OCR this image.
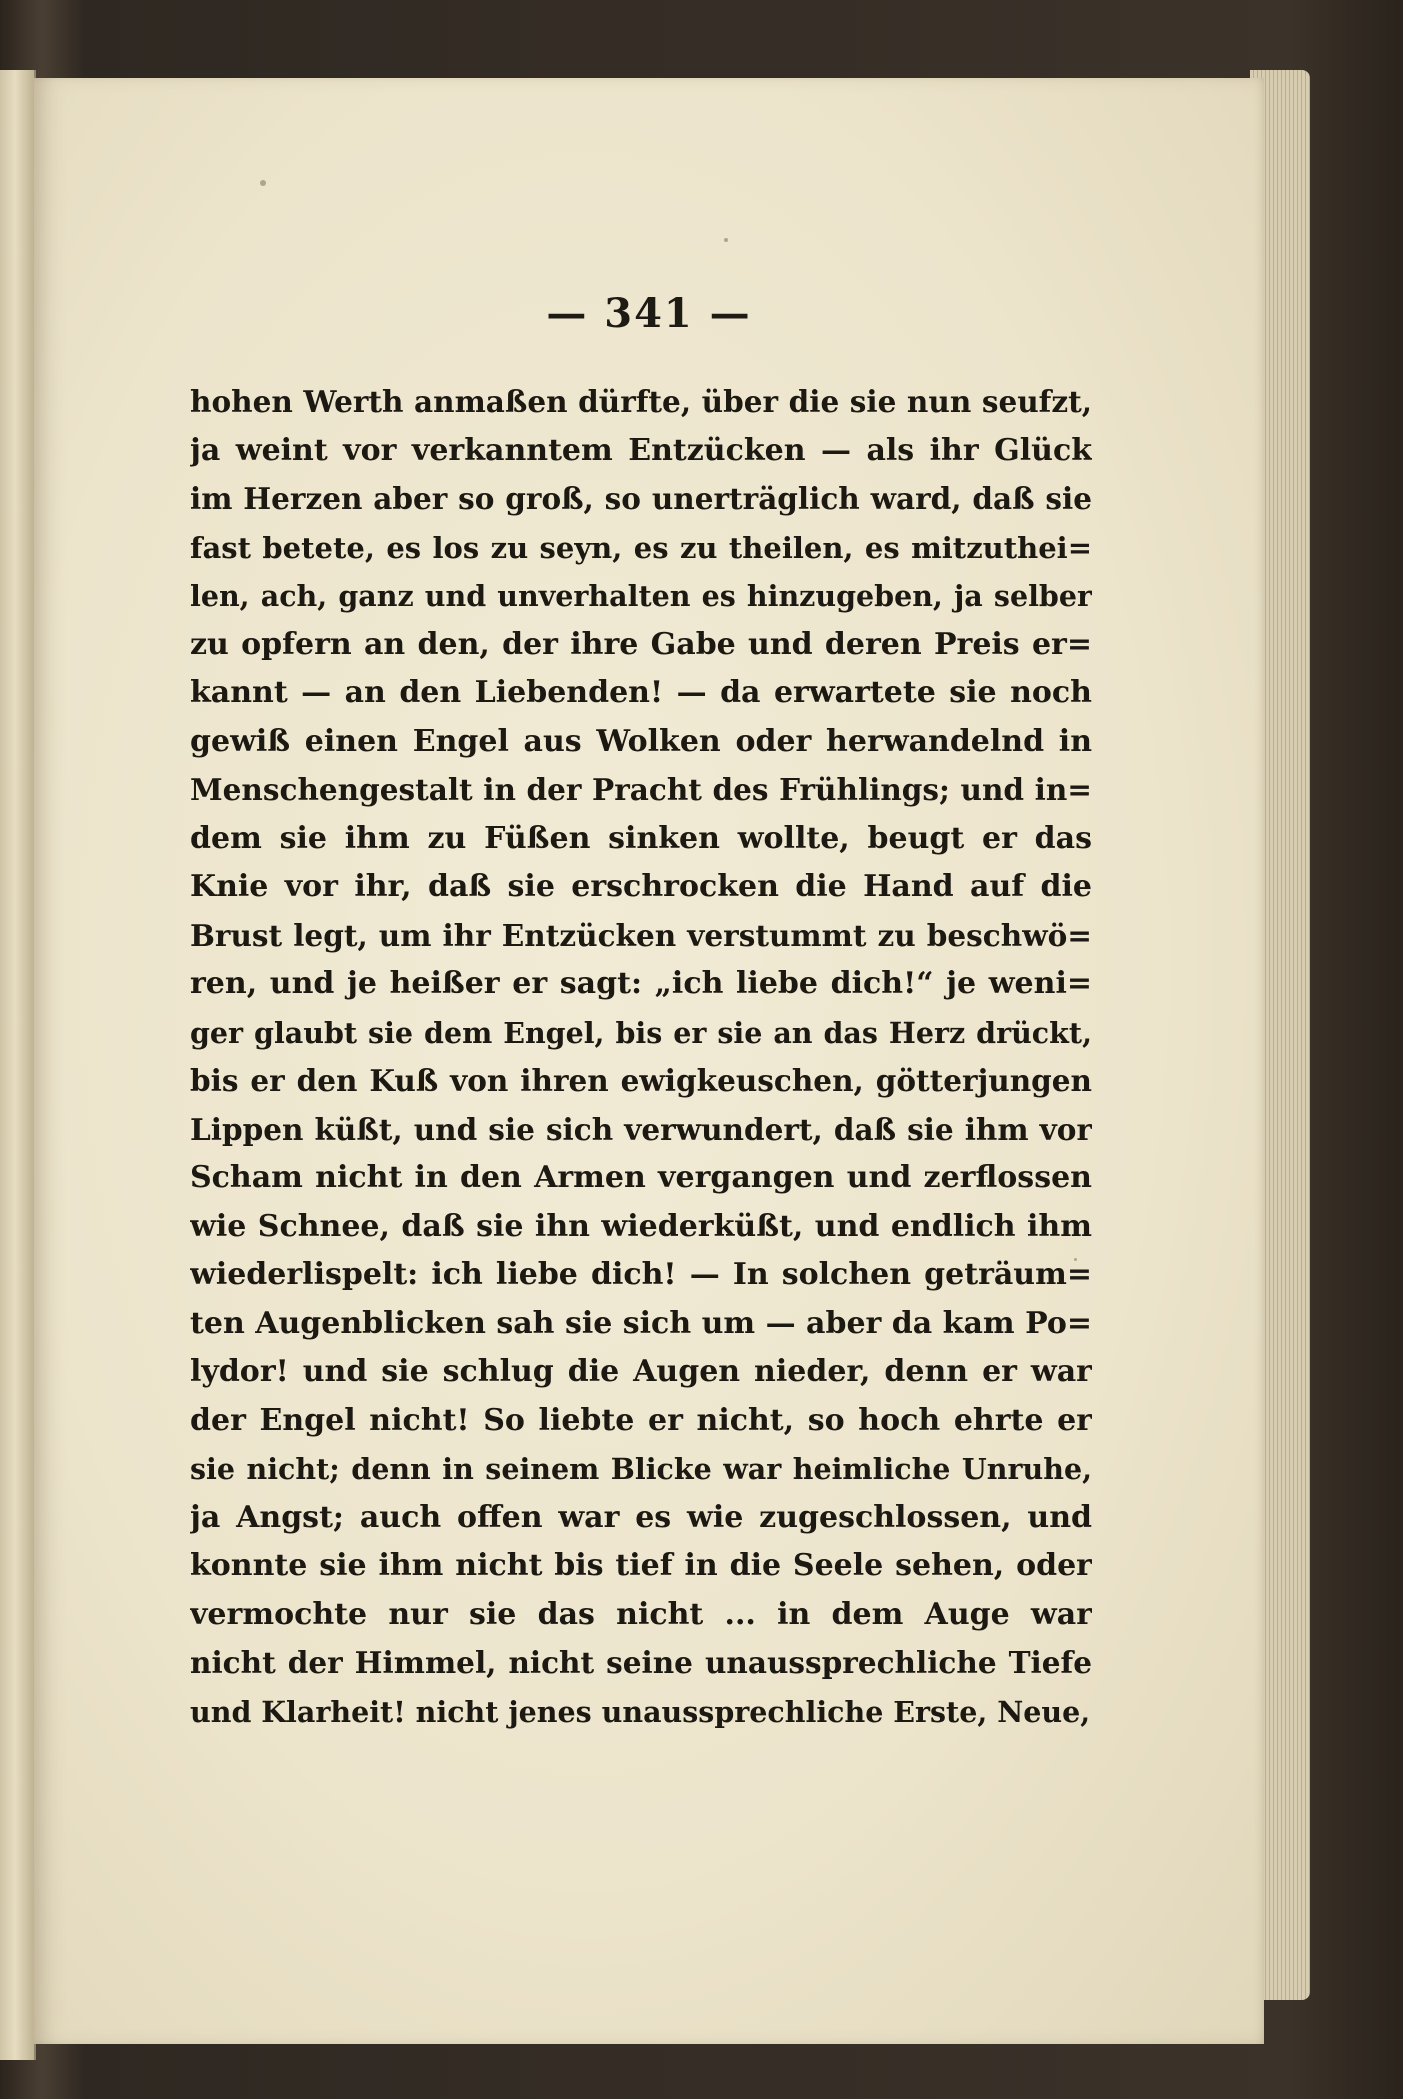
— 341 —
hohen Werth anmaßen dürfte, über die sie nun seufzt,
ja weint vor verkanntem Entzücken — als ihr Glück
im Herzen aber so groß, so unerträglich ward, daß sie
fast betete, es los zu seyn, es zu theilen, es mitzuthei=
len, ach, ganz und unverhalten es hinzugeben, ja selber
zu opfern an den, der ihre Gabe und deren Preis er=
kannt — an den Liebenden! — da erwartete sie noch
gewiß einen Engel aus Wolken oder herwandelnd in
Menschengestalt in der Pracht des Frühlings; und in=
dem sie ihm zu Füßen sinken wollte, beugt er das
Knie vor ihr, daß sie erschrocken die Hand auf die
Brust legt, um ihr Entzücken verstummt zu beschwö=
ren, und je heißer er sagt: „ich liebe dich!“ je weni=
ger glaubt sie dem Engel, bis er sie an das Herz drückt,
bis er den Kuß von ihren ewigkeuschen, götterjungen
Lippen küßt, und sie sich verwundert, daß sie ihm vor
Scham nicht in den Armen vergangen und zerflossen
wie Schnee, daß sie ihn wiederküßt, und endlich ihm
wiederlispelt: ich liebe dich! — In solchen geträum=
ten Augenblicken sah sie sich um — aber da kam Po=
lydor! und sie schlug die Augen nieder, denn er war
der Engel nicht! So liebte er nicht, so hoch ehrte er
sie nicht; denn in seinem Blicke war heimliche Unruhe,
ja Angst; auch offen war es wie zugeschlossen, und
konnte sie ihm nicht bis tief in die Seele sehen, oder
vermochte nur sie das nicht ... in dem Auge war
nicht der Himmel, nicht seine unaussprechliche Tiefe
und Klarheit! nicht jenes unaussprechliche Erste, Neue,
